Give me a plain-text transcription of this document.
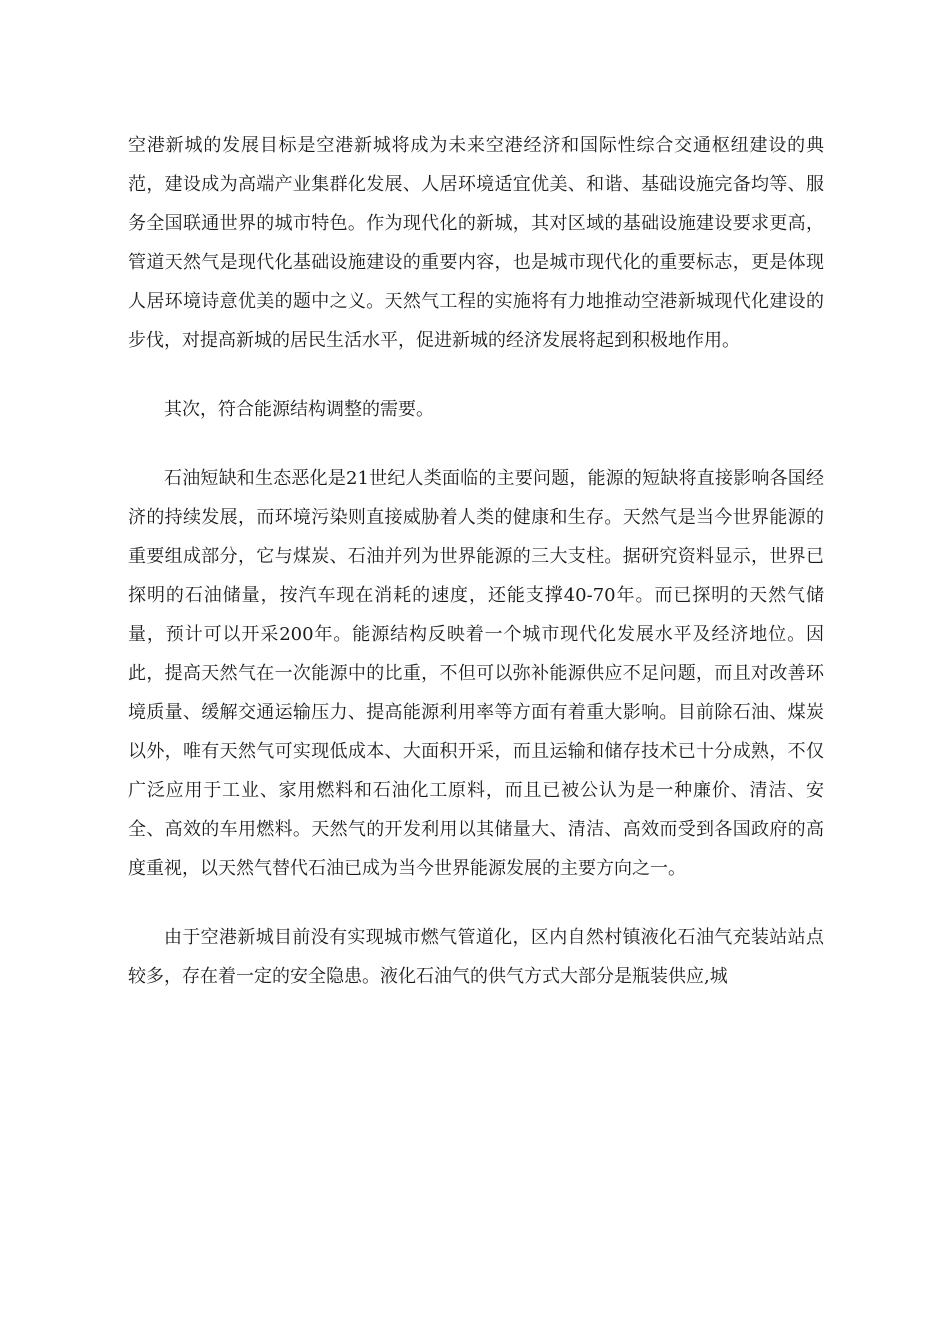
空港新城的发展目标是空港新城将成为未来空港经济和国际性综合交通枢纽建设的典范，建设成为高端产业集群化发展、人居环境适宜优美、和谐、基础设施完备均等、服务全国联通世界的城市特色。作为现代化的新城，其对区域的基础设施建设要求更高，管道天然气是现代化基础设施建设的重要内容，也是城市现代化的重要标志，更是体现人居环境诗意优美的题中之义。天然气工程的实施将有力地推动空港新城现代化建设的步伐，对提高新城的居民生活水平，促进新城的经济发展将起到积极地作用。

其次，符合能源结构调整的需要。

石油短缺和生态恶化是21世纪人类面临的主要问题，能源的短缺将直接影响各国经济的持续发展，而环境污染则直接威胁着人类的健康和生存。天然气是当今世界能源的重要组成部分，它与煤炭、石油并列为世界能源的三大支柱。据研究资料显示，世界已探明的石油储量，按汽车现在消耗的速度，还能支撑40-70年。而已探明的天然气储量，预计可以开采200年。能源结构反映着一个城市现代化发展水平及经济地位。因此，提高天然气在一次能源中的比重，不但可以弥补能源供应不足问题，而且对改善环境质量、缓解交通运输压力、提高能源利用率等方面有着重大影响。目前除石油、煤炭以外，唯有天然气可实现低成本、大面积开采，而且运输和储存技术已十分成熟，不仅广泛应用于工业、家用燃料和石油化工原料，而且已被公认为是一种廉价、清洁、安全、高效的车用燃料。天然气的开发利用以其储量大、清洁、高效而受到各国政府的高度重视，以天然气替代石油已成为当今世界能源发展的主要方向之一。

由于空港新城目前没有实现城市燃气管道化，区内自然村镇液化石油气充装站站点较多，存在着一定的安全隐患。液化石油气的供气方式大部分是瓶装供应,城
